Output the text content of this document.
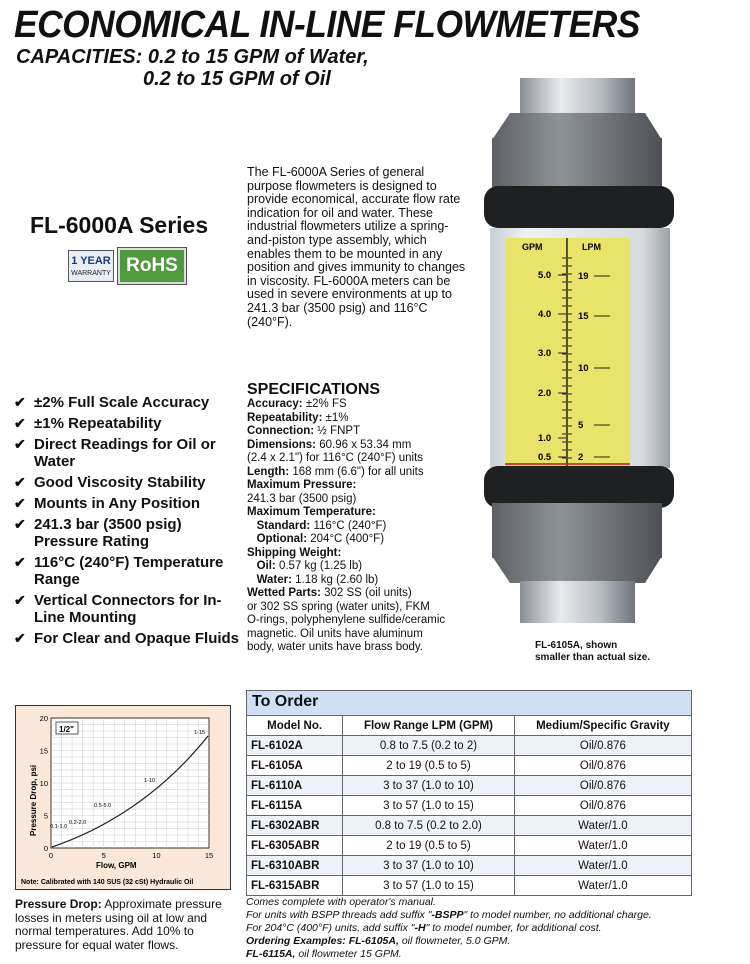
ECONOMICAL IN-LINE FLOWMETERS
CAPACITIES: 0.2 to 15 GPM of Water,
0.2 to 15 GPM of Oil
FL-6000A Series
1 YEAR
WARRANTY RoHS
The FL-6000A Series of general purpose flowmeters is designed to provide economical, accurate flow rate indication for oil and water. These industrial flowmeters utilize a spring-and-piston type assembly, which enables them to be mounted in any position and gives immunity to changes in viscosity. FL-6000A meters can be used in severe environments at up to 241.3 bar (3500 psig) and 116°C (240°F).
✔ ±2% Full Scale Accuracy
✔ ±1% Repeatability
✔ Direct Readings for Oil or Water
✔ Good Viscosity Stability
✔ Mounts in Any Position
✔ 241.3 bar (3500 psig) Pressure Rating
✔ 116°C (240°F) Temperature Range
✔ Vertical Connectors for In-Line Mounting
✔ For Clear and Opaque Fluids
SPECIFICATIONS
Accuracy: ±2% FS
Repeatability: ±1%
Connection: ½ FNPT
Dimensions: 60.96 x 53.34 mm
(2.4 x 2.1") for 116°C (240°F) units
Length: 168 mm (6.6") for all units
Maximum Pressure:
241.3 bar (3500 psig)
Maximum Temperature:
Standard: 116°C (240°F)
Optional: 204°C (400°F)
Shipping Weight:
Oil: 0.57 kg (1.25 lb)
Water: 1.18 kg (2.60 lb)
Wetted Parts: 302 SS (oil units)
or 302 SS spring (water units), FKM
O-rings, polyphenylene sulfide/ceramic
magnetic. Oil units have aluminum
body, water units have brass body.
GPM	LPM
5.0
4.0
3.0
2.0
1.0
0.5
19
15
10
5
2
FL-6105A, shown
smaller than actual size.
1/2"
Pressure Drop, psi
Flow, GPM
20
15
10
5
0
0	5	10	15
1-15
1-10
0.5-5.0
0.2-2.0
0.1-1.0
Note: Calibrated with 140 SUS (32 cSt) Hydraulic Oil
Pressure Drop: Approximate pressure losses in meters using oil at low and normal temperatures. Add 10% to pressure for equal water flows.
To Order
Model No.	Flow Range LPM (GPM)	Medium/Specific Gravity
FL-6102A	0.8 to 7.5 (0.2 to 2)	Oil/0.876
FL-6105A	2 to 19 (0.5 to 5)	Oil/0.876
FL-6110A	3 to 37 (1.0 to 10)	Oil/0.876
FL-6115A	3 to 57 (1.0 to 15)	Oil/0.876
FL-6302ABR	0.8 to 7.5 (0.2 to 2.0)	Water/1.0
FL-6305ABR	2 to 19 (0.5 to 5)	Water/1.0
FL-6310ABR	3 to 37 (1.0 to 10)	Water/1.0
FL-6315ABR	3 to 57 (1.0 to 15)	Water/1.0
Comes complete with operator's manual.
For units with BSPP threads add suffix "-BSPP" to model number, no additional charge.
For 204°C (400°F) units, add suffix "-H" to model number, for additional cost.
Ordering Examples: FL-6105A, oil flowmeter, 5.0 GPM.
FL-6115A, oil flowmeter 15 GPM.
